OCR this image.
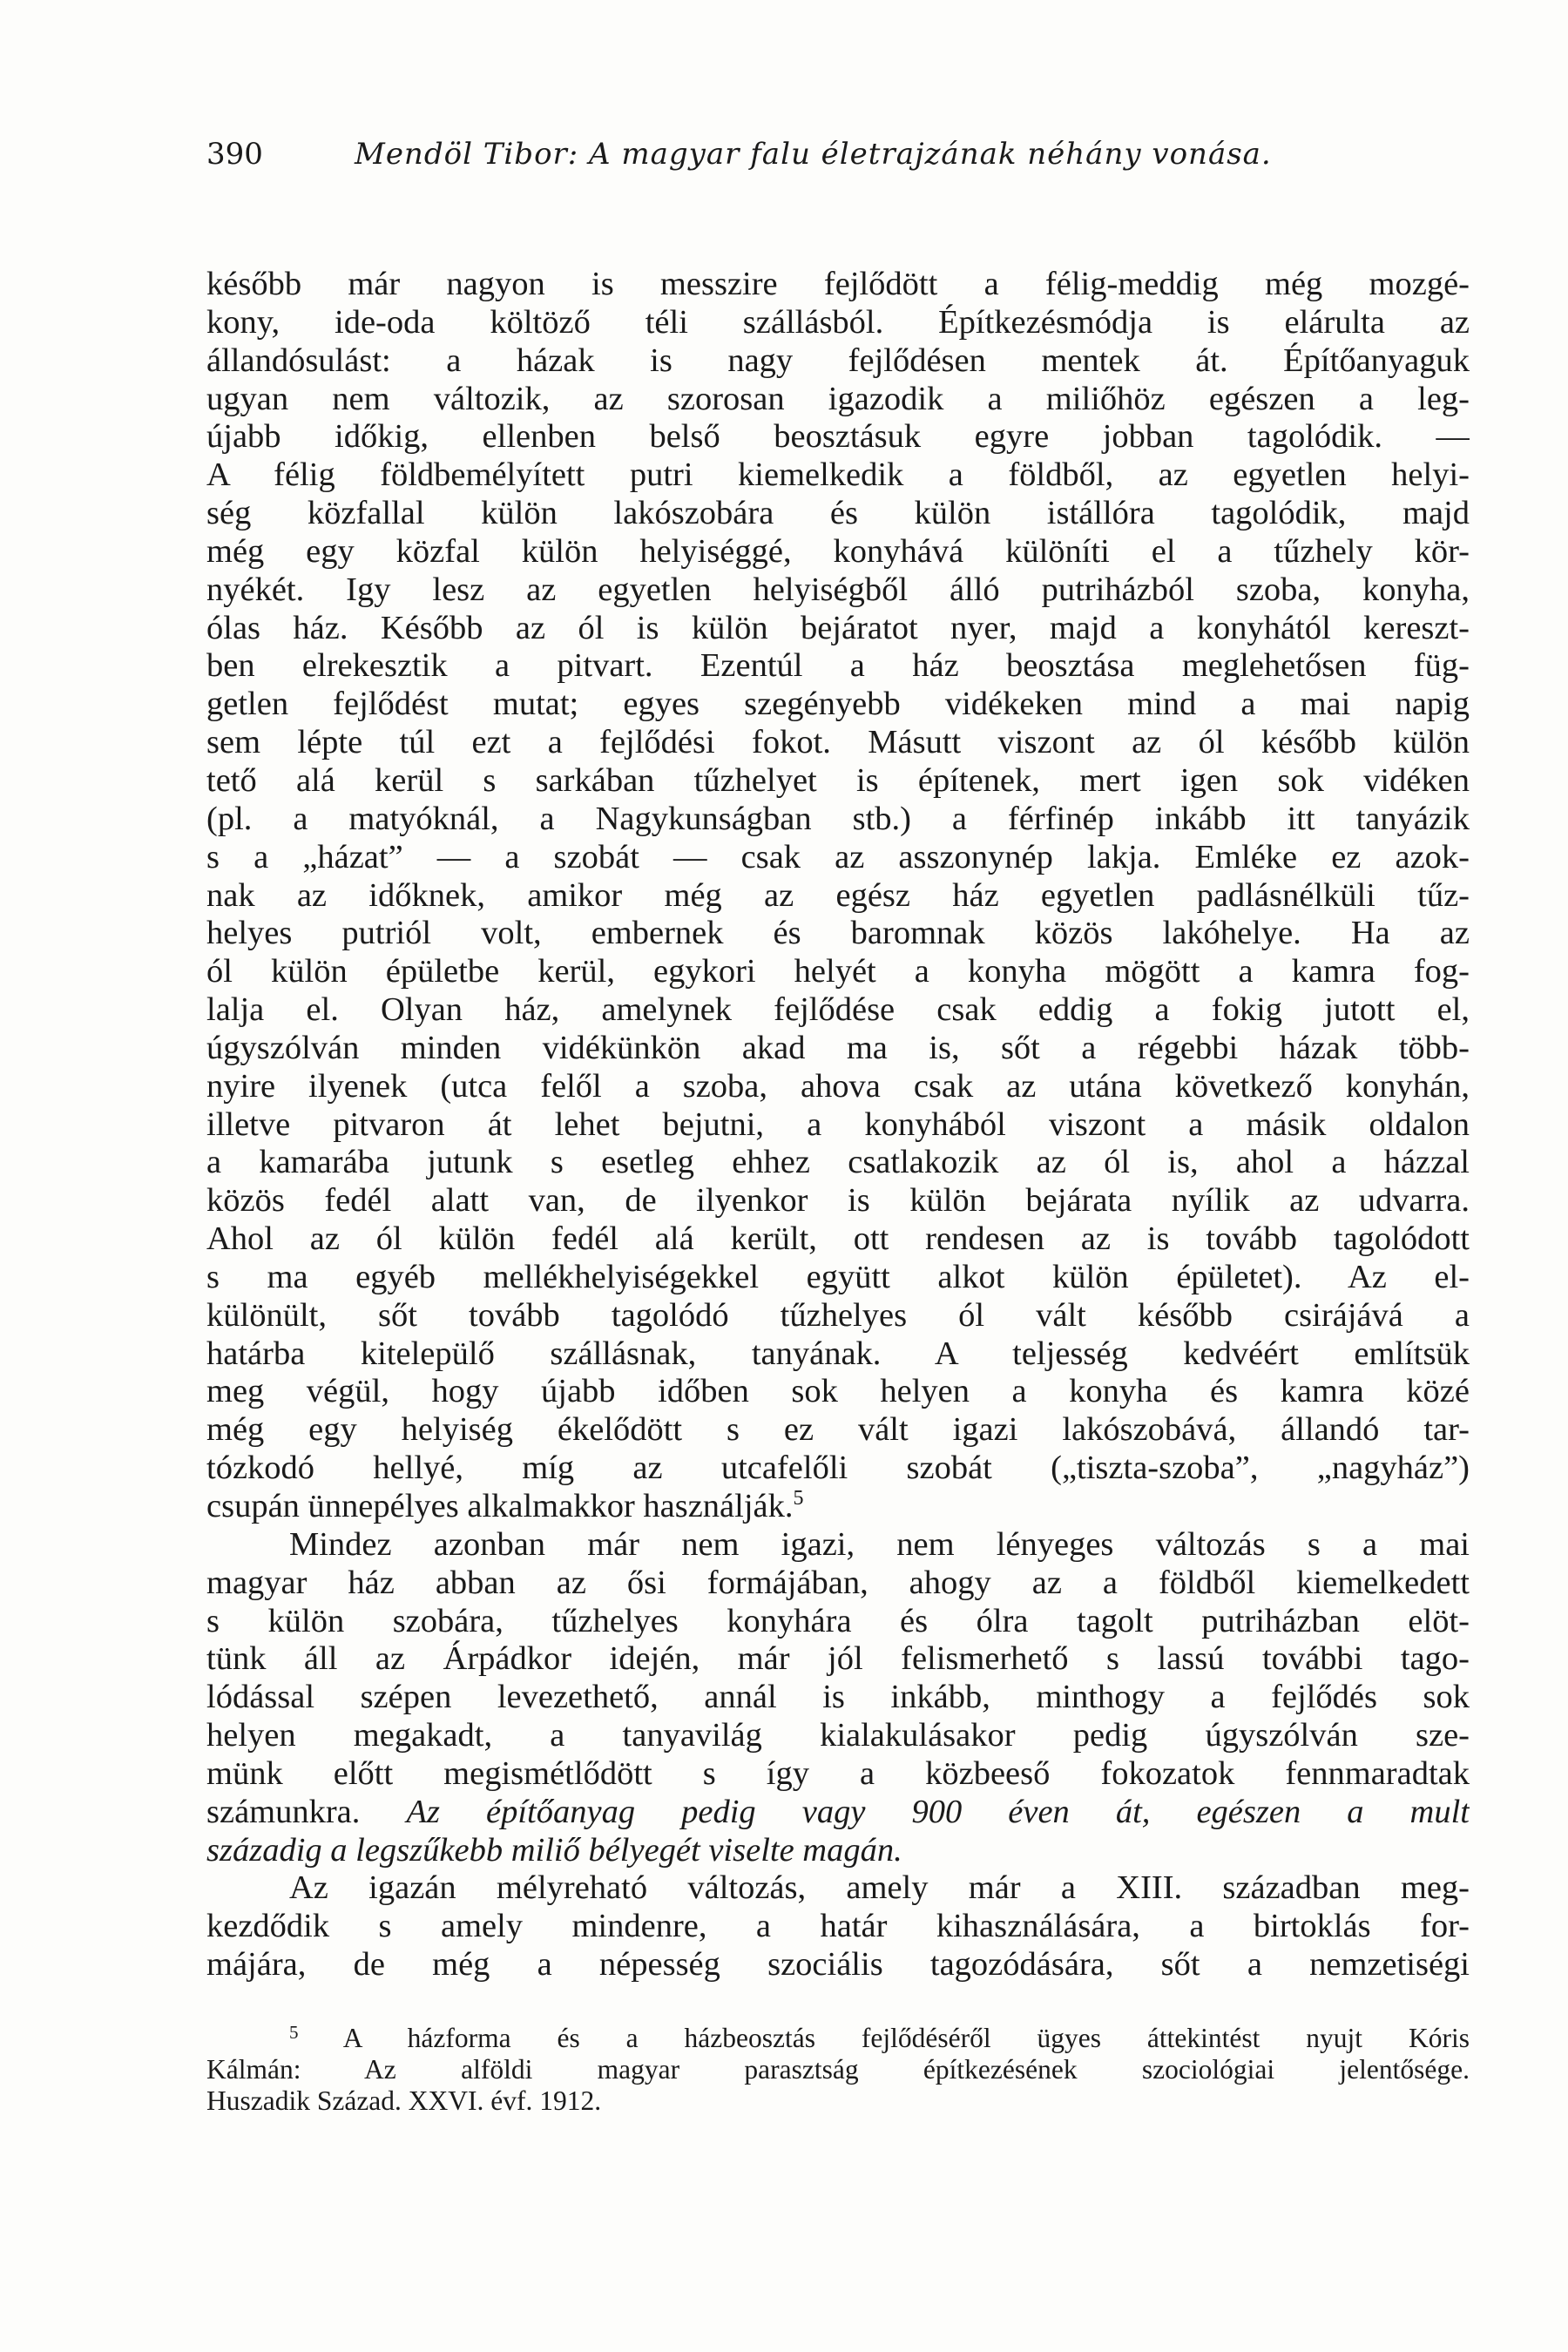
390	Mendöl Tibor: A magyar falu életrajzának néhány vonása.
később már nagyon is messzire fejlődött a félig-meddig még mozgé-
kony, ide-oda költöző téli szállásból. Építkezésmódja is elárulta az
állandósulást: a házak is nagy fejlődésen mentek át. Építőanyaguk
ugyan nem változik, az szorosan igazodik a miliőhöz egészen a leg-
újabb időkig, ellenben belső beosztásuk egyre jobban tagolódik. —
A félig földbemélyített putri kiemelkedik a földből, az egyetlen helyi-
ség közfallal külön lakószobára és külön istállóra tagolódik, majd
még egy közfal külön helyiséggé, konyhává különíti el a tűzhely kör-
nyékét. Igy lesz az egyetlen helyiségből álló putriházból szoba, konyha,
ólas ház. Később az ól is külön bejáratot nyer, majd a konyhától kereszt-
ben elrekesztik a pitvart. Ezentúl a ház beosztása meglehetősen füg-
getlen fejlődést mutat; egyes szegényebb vidékeken mind a mai napig
sem lépte túl ezt a fejlődési fokot. Másutt viszont az ól később külön
tető alá kerül s sarkában tűzhelyet is építenek, mert igen sok vidéken
(pl. a matyóknál, a Nagykunságban stb.) a férfinép inkább itt tanyázik
s a „házat” — a szobát — csak az asszonynép lakja. Emléke ez azok-
nak az időknek, amikor még az egész ház egyetlen padlásnélküli tűz-
helyes putriól volt, embernek és baromnak közös lakóhelye. Ha az
ól külön épületbe kerül, egykori helyét a konyha mögött a kamra fog-
lalja el. Olyan ház, amelynek fejlődése csak eddig a fokig jutott el,
úgyszólván minden vidékünkön akad ma is, sőt a régebbi házak több-
nyire ilyenek (utca felől a szoba, ahova csak az utána következő konyhán,
illetve pitvaron át lehet bejutni, a konyhából viszont a másik oldalon
a kamarába jutunk s esetleg ehhez csatlakozik az ól is, ahol a házzal
közös fedél alatt van, de ilyenkor is külön bejárata nyílik az udvarra.
Ahol az ól külön fedél alá került, ott rendesen az is tovább tagolódott
s ma egyéb mellékhelyiségekkel együtt alkot külön épületet). Az el-
különült, sőt tovább tagolódó tűzhelyes ól vált később csirájává a
határba kitelepülő szállásnak, tanyának. A teljesség kedvéért említsük
meg végül, hogy újabb időben sok helyen a konyha és kamra közé
még egy helyiség ékelődött s ez vált igazi lakószobává, állandó tar-
tózkodó hellyé, míg az utcafelőli szobát („tiszta-szoba”, „nagyház”)
csupán ünnepélyes alkalmakkor használják.$^5$
Mindez azonban már nem igazi, nem lényeges változás s a mai
magyar ház abban az ősi formájában, ahogy az a földből kiemelkedett
s külön szobára, tűzhelyes konyhára és ólra tagolt putriházban elöt-
tünk áll az Árpádkor idején, már jól felismerhető s lassú további tago-
lódással szépen levezethető, annál is inkább, minthogy a fejlődés sok
helyen megakadt, a tanyavilág kialakulásakor pedig úgyszólván sze-
münk előtt megismétlődött s így a közbeeső fokozatok fennmaradtak
számunkra. Az építőanyag pedig vagy 900 éven át, egészen a mult
századig a legszűkebb miliő bélyegét viselte magán.
Az igazán mélyreható változás, amely már a XIII. században meg-
kezdődik s amely mindenre, a határ kihasználására, a birtoklás for-
májára, de még a népesség szociális tagozódására, sőt a nemzetiségi
$^5$ A házforma és a házbeosztás fejlődéséről ügyes áttekintést nyujt Kóris
Kálmán: Az alföldi magyar parasztság építkezésének szociológiai jelentősége.
Huszadik Század. XXVI. évf. 1912.
